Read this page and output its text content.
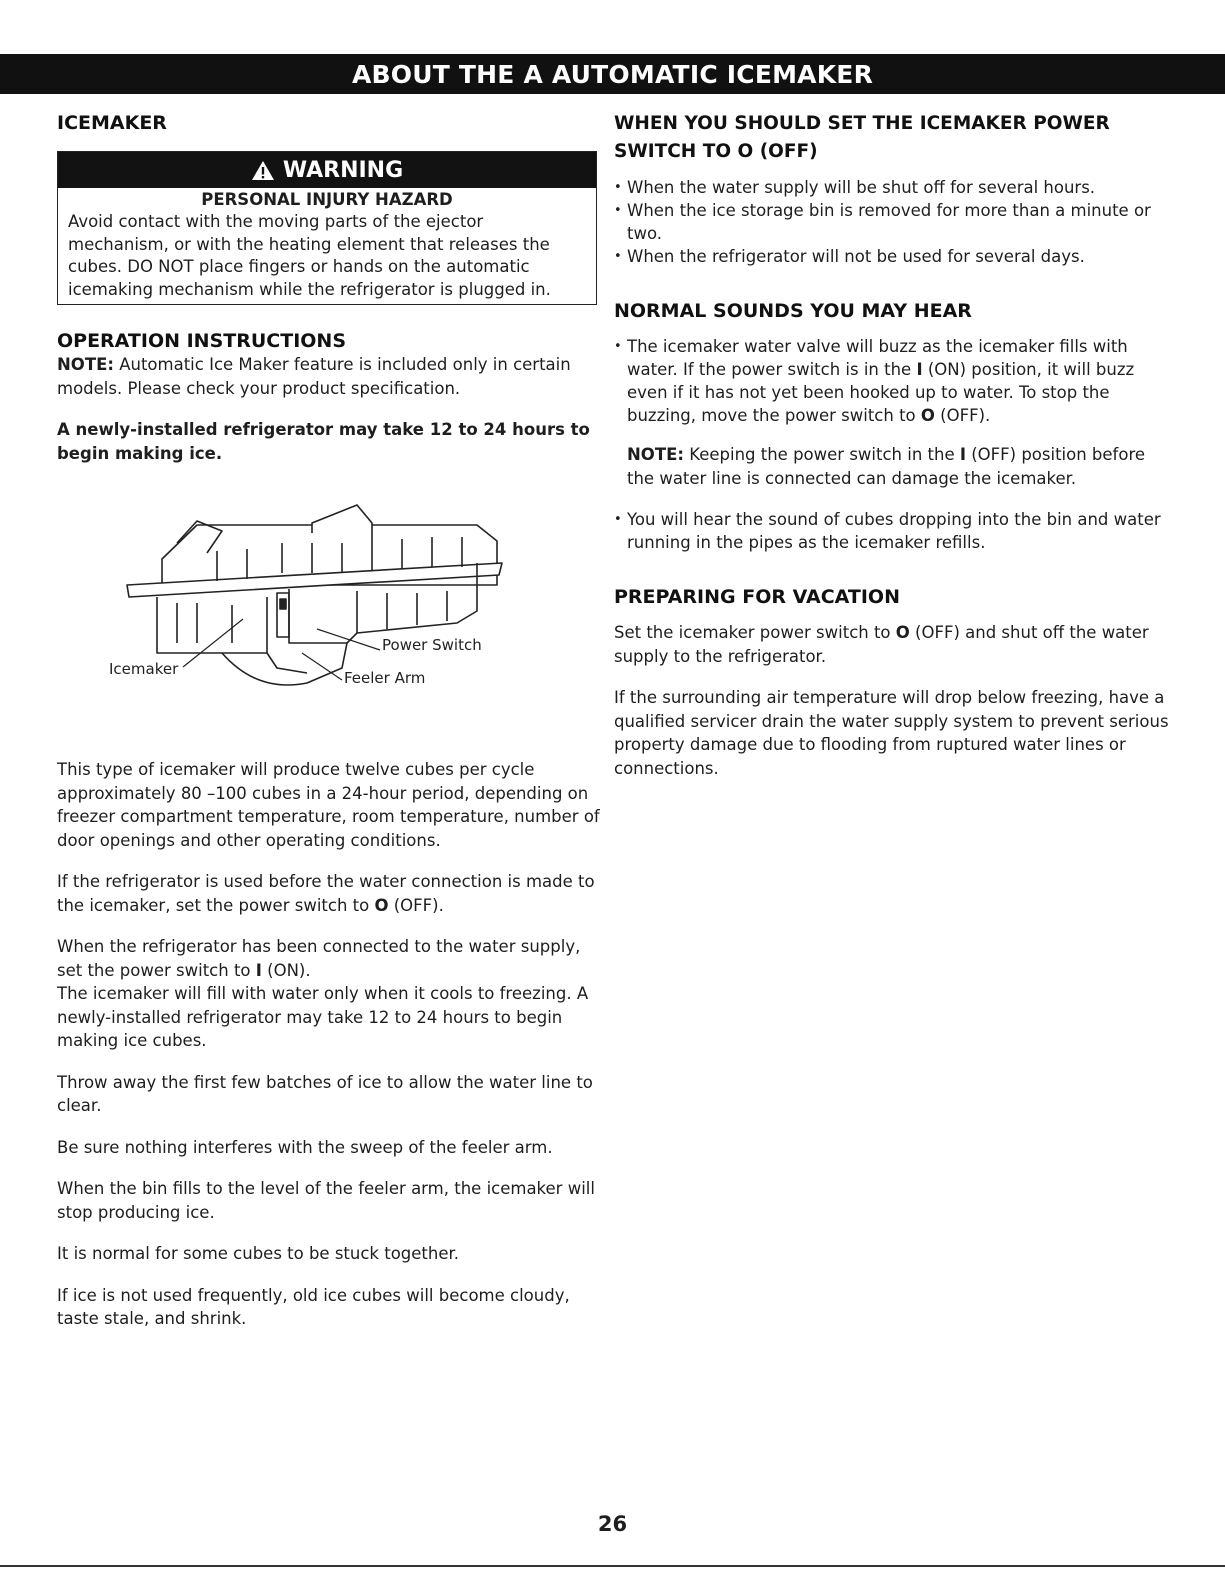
ABOUT THE A AUTOMATIC ICEMAKER
ICEMAKER
WARNING
PERSONAL INJURY HAZARD
Avoid contact with the moving parts of the ejector mechanism, or with the heating element that releases the cubes. DO NOT place fingers or hands on the automatic icemaking mechanism while the refrigerator is plugged in.
OPERATION INSTRUCTIONS

NOTE: Automatic Ice Maker feature is included only in certain models. Please check your product specification.

A newly-installed refrigerator may take 12 to 24 hours to begin making ice.

Icemaker
Power Switch
Feeler Arm

This type of icemaker will produce twelve cubes per cycle approximately 80 –100 cubes in a 24-hour period, depending on freezer compartment temperature, room temperature, number of door openings and other operating conditions.

If the refrigerator is used before the water connection is made to the icemaker, set the power switch to O (OFF).

When the refrigerator has been connected to the water supply, set the power switch to I (ON).
The icemaker will fill with water only when it cools to freezing. A newly-installed refrigerator may take 12 to 24 hours to begin making ice cubes.

Throw away the first few batches of ice to allow the water line to clear.

Be sure nothing interferes with the sweep of the feeler arm.

When the bin fills to the level of the feeler arm, the icemaker will stop producing ice.

It is normal for some cubes to be stuck together.

If ice is not used frequently, old ice cubes will become cloudy, taste stale, and shrink.

WHEN YOU SHOULD SET THE ICEMAKER POWER SWITCH TO O (OFF)
• When the water supply will be shut off for several hours.
• When the ice storage bin is removed for more than a minute or two.
• When the refrigerator will not be used for several days.
NORMAL SOUNDS YOU MAY HEAR
• The icemaker water valve will buzz as the icemaker fills with water. If the power switch is in the I (ON) position, it will buzz even if it has not yet been hooked up to water. To stop the buzzing, move the power switch to O (OFF).

NOTE: Keeping the power switch in the I (OFF) position before the water line is connected can damage the icemaker.

• You will hear the sound of cubes dropping into the bin and water running in the pipes as the icemaker refills.
PREPARING FOR VACATION

Set the icemaker power switch to O (OFF) and shut off the water supply to the refrigerator.

If the surrounding air temperature will drop below freezing, have a qualified servicer drain the water supply system to prevent serious property damage due to flooding from ruptured water lines or connections.

26
